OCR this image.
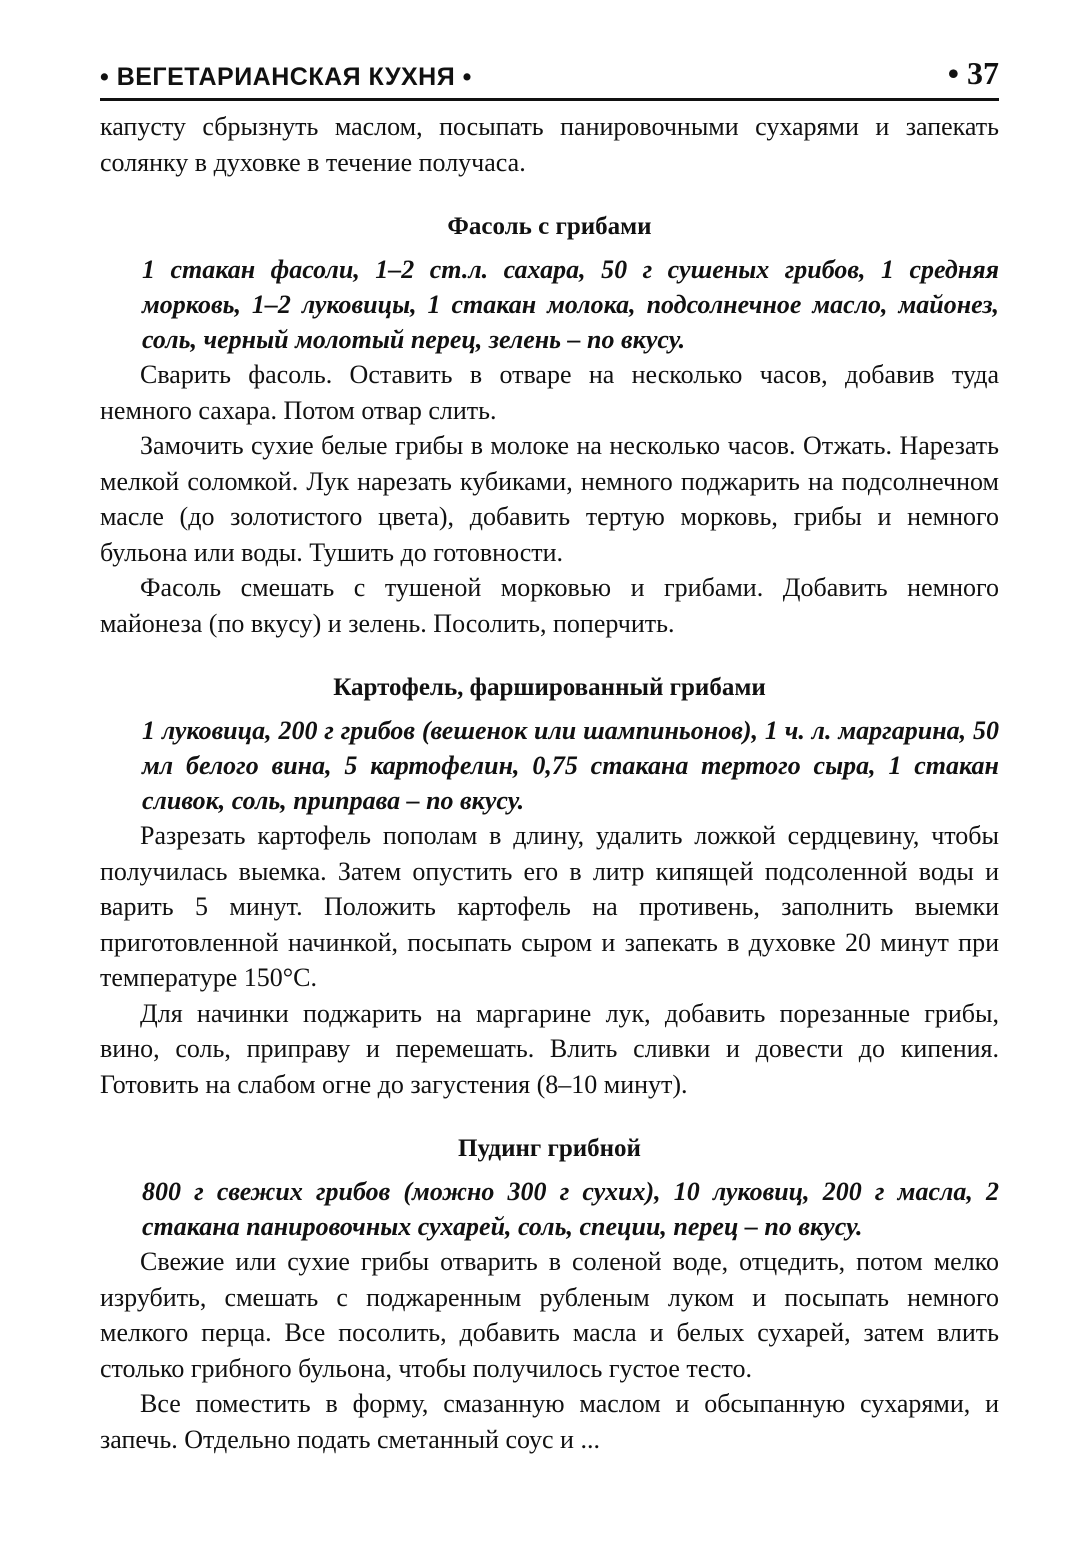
• ВЕГЕТАРИАНСКАЯ КУХНЯ •	• 37

капусту сбрызнуть маслом, посыпать панировочными сухарями и запекать солянку в духовке в течение получаса.

Фасоль с грибами

1 стакан фасоли, 1–2 ст.л. сахара, 50 г сушеных грибов, 1 средняя морковь, 1–2 луковицы, 1 стакан молока, подсолнечное масло, майонез, соль, черный молотый перец, зелень – по вкусу.

Сварить фасоль. Оставить в отваре на несколько часов, добавив туда немного сахара. Потом отвар слить.

Замочить сухие белые грибы в молоке на несколько часов. Отжать. Нарезать мелкой соломкой. Лук нарезать кубиками, немного поджарить на подсолнечном масле (до золотистого цвета), добавить тертую морковь, грибы и немного бульона или воды. Тушить до готовности.

Фасоль смешать с тушеной морковью и грибами. Добавить немного майонеза (по вкусу) и зелень. Посолить, поперчить.

Картофель, фаршированный грибами

1 луковица, 200 г грибов (вешенок или шампиньонов), 1 ч. л. маргарина, 50 мл белого вина, 5 картофелин, 0,75 стакана тертого сыра, 1 стакан сливок, соль, приправа – по вкусу.

Разрезать картофель пополам в длину, удалить ложкой сердцевину, чтобы получилась выемка. Затем опустить его в литр кипящей подсоленной воды и варить 5 минут. Положить картофель на противень, заполнить выемки приготовленной начинкой, посыпать сыром и запекать в духовке 20 минут при температуре 150°C.

Для начинки поджарить на маргарине лук, добавить порезанные грибы, вино, соль, приправу и перемешать. Влить сливки и довести до кипения. Готовить на слабом огне до загустения (8–10 минут).

Пудинг грибной

800 г свежих грибов (можно 300 г сухих), 10 луковиц, 200 г масла, 2 стакана панировочных сухарей, соль, специи, перец – по вкусу.

Свежие или сухие грибы отварить в соленой воде, отцедить, потом мелко изрубить, смешать с поджаренным рубленым луком и посыпать немного мелкого перца. Все посолить, добавить масла и белых сухарей, затем влить столько грибного бульона, чтобы получилось густое тесто.

Все поместить в форму, смазанную маслом и обсыпанную сухарями, и запечь. Отдельно подать сметанный соус и ...
